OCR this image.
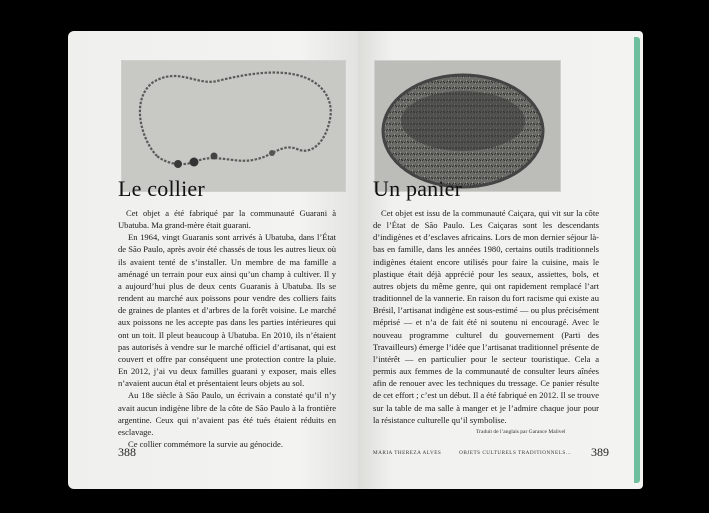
Le collier

Cet objet a été fabriqué par la communauté Guarani à Ubatuba. Ma grand-mère était guarani.

En 1964, vingt Guaranis sont arrivés à Ubatuba, dans l’État de São Paulo, après avoir été chassés de tous les autres lieux où ils avaient tenté de s’installer. Un membre de ma famille a aménagé un terrain pour eux ainsi qu’un champ à cultiver. Il y a aujourd’hui plus de deux cents Guaranis à Ubatuba. Ils se rendent au marché aux poissons pour vendre des colliers faits de graines de plantes et d’arbres de la forêt voisine. Le marché aux poissons ne les accepte pas dans les parties intérieures qui ont un toit. Il pleut beaucoup à Ubatuba. En 2010, ils n’étaient pas autorisés à vendre sur le marché officiel d’artisanat, qui est couvert et offre par conséquent une protection contre la pluie. En 2012, j’ai vu deux familles guarani y exposer, mais elles n’avaient aucun étal et présentaient leurs objets au sol.

Au 18e siècle à São Paulo, un écrivain a constaté qu’il n’y avait aucun indigène libre de la côte de São Paulo à la frontière argentine. Ceux qui n’avaient pas été tués étaient réduits en esclavage.

Ce collier commémore la survie au génocide.

388
Un panier

Cet objet est issu de la communauté Caiçara, qui vit sur la côte de l’État de São Paulo. Les Caiçaras sont les descendants d’indigènes et d’esclaves africains. Lors de mon dernier séjour là-bas en famille, dans les années 1980, certains outils traditionnels indigènes étaient encore utilisés pour faire la cuisine, mais le plastique était déjà apprécié pour les seaux, assiettes, bols, et autres objets du même genre, qui ont rapidement remplacé l’art traditionnel de la vannerie. En raison du fort racisme qui existe au Brésil, l’artisanat indigène est sous-estimé — ou plus précisément méprisé — et n’a de fait été ni soutenu ni encouragé. Avec le nouveau programme culturel du gouvernement (Parti des Travailleurs) émerge l’idée que l’artisanat traditionnel présente de l’intérêt — en particulier pour le secteur touristique. Cela a permis aux femmes de la communauté de consulter leurs aînées afin de renouer avec les techniques du tressage. Ce panier résulte de cet effort ; c’est un début. Il a été fabriqué en 2012. Il se trouve sur la table de ma salle à manger et je l’admire chaque jour pour la résistance culturelle qu’il symbolise.

Traduit de l’anglais par Garance Malivel
MARIA THEREZA ALVES	OBJETS CULTURELS TRADITIONNELS…	389
